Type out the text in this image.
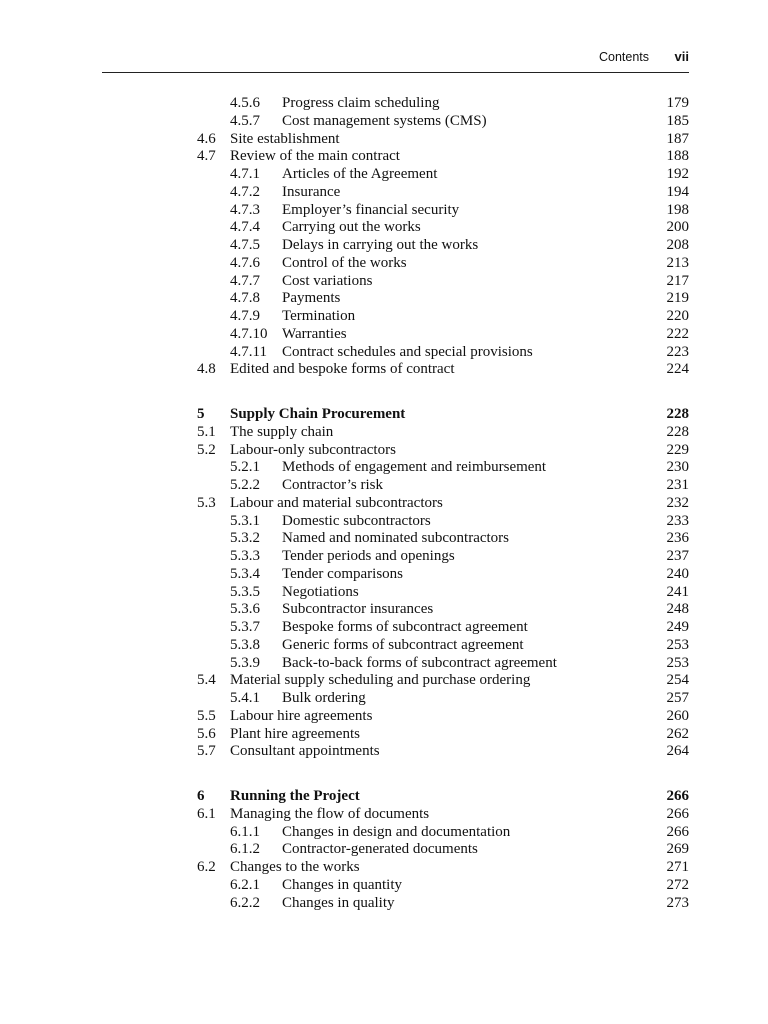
Contents vii
4.5.6 Progress claim scheduling	179
4.5.7 Cost management systems (CMS)	185
4.6 Site establishment	187
4.7 Review of the main contract	188
4.7.1 Articles of the Agreement	192
4.7.2 Insurance	194
4.7.3 Employer’s financial security	198
4.7.4 Carrying out the works	200
4.7.5 Delays in carrying out the works	208
4.7.6 Control of the works	213
4.7.7 Cost variations	217
4.7.8 Payments	219
4.7.9 Termination	220
4.7.10 Warranties	222
4.7.11 Contract schedules and special provisions	223
4.8 Edited and bespoke forms of contract	224
5 Supply Chain Procurement	228
5.1 The supply chain	228
5.2 Labour-only subcontractors	229
5.2.1 Methods of engagement and reimbursement	230
5.2.2 Contractor’s risk	231
5.3 Labour and material subcontractors	232
5.3.1 Domestic subcontractors	233
5.3.2 Named and nominated subcontractors	236
5.3.3 Tender periods and openings	237
5.3.4 Tender comparisons	240
5.3.5 Negotiations	241
5.3.6 Subcontractor insurances	248
5.3.7 Bespoke forms of subcontract agreement	249
5.3.8 Generic forms of subcontract agreement	253
5.3.9 Back-to-back forms of subcontract agreement	253
5.4 Material supply scheduling and purchase ordering	254
5.4.1 Bulk ordering	257
5.5 Labour hire agreements	260
5.6 Plant hire agreements	262
5.7 Consultant appointments	264
6 Running the Project	266
6.1 Managing the flow of documents	266
6.1.1 Changes in design and documentation	266
6.1.2 Contractor-generated documents	269
6.2 Changes to the works	271
6.2.1 Changes in quantity	272
6.2.2 Changes in quality	273
